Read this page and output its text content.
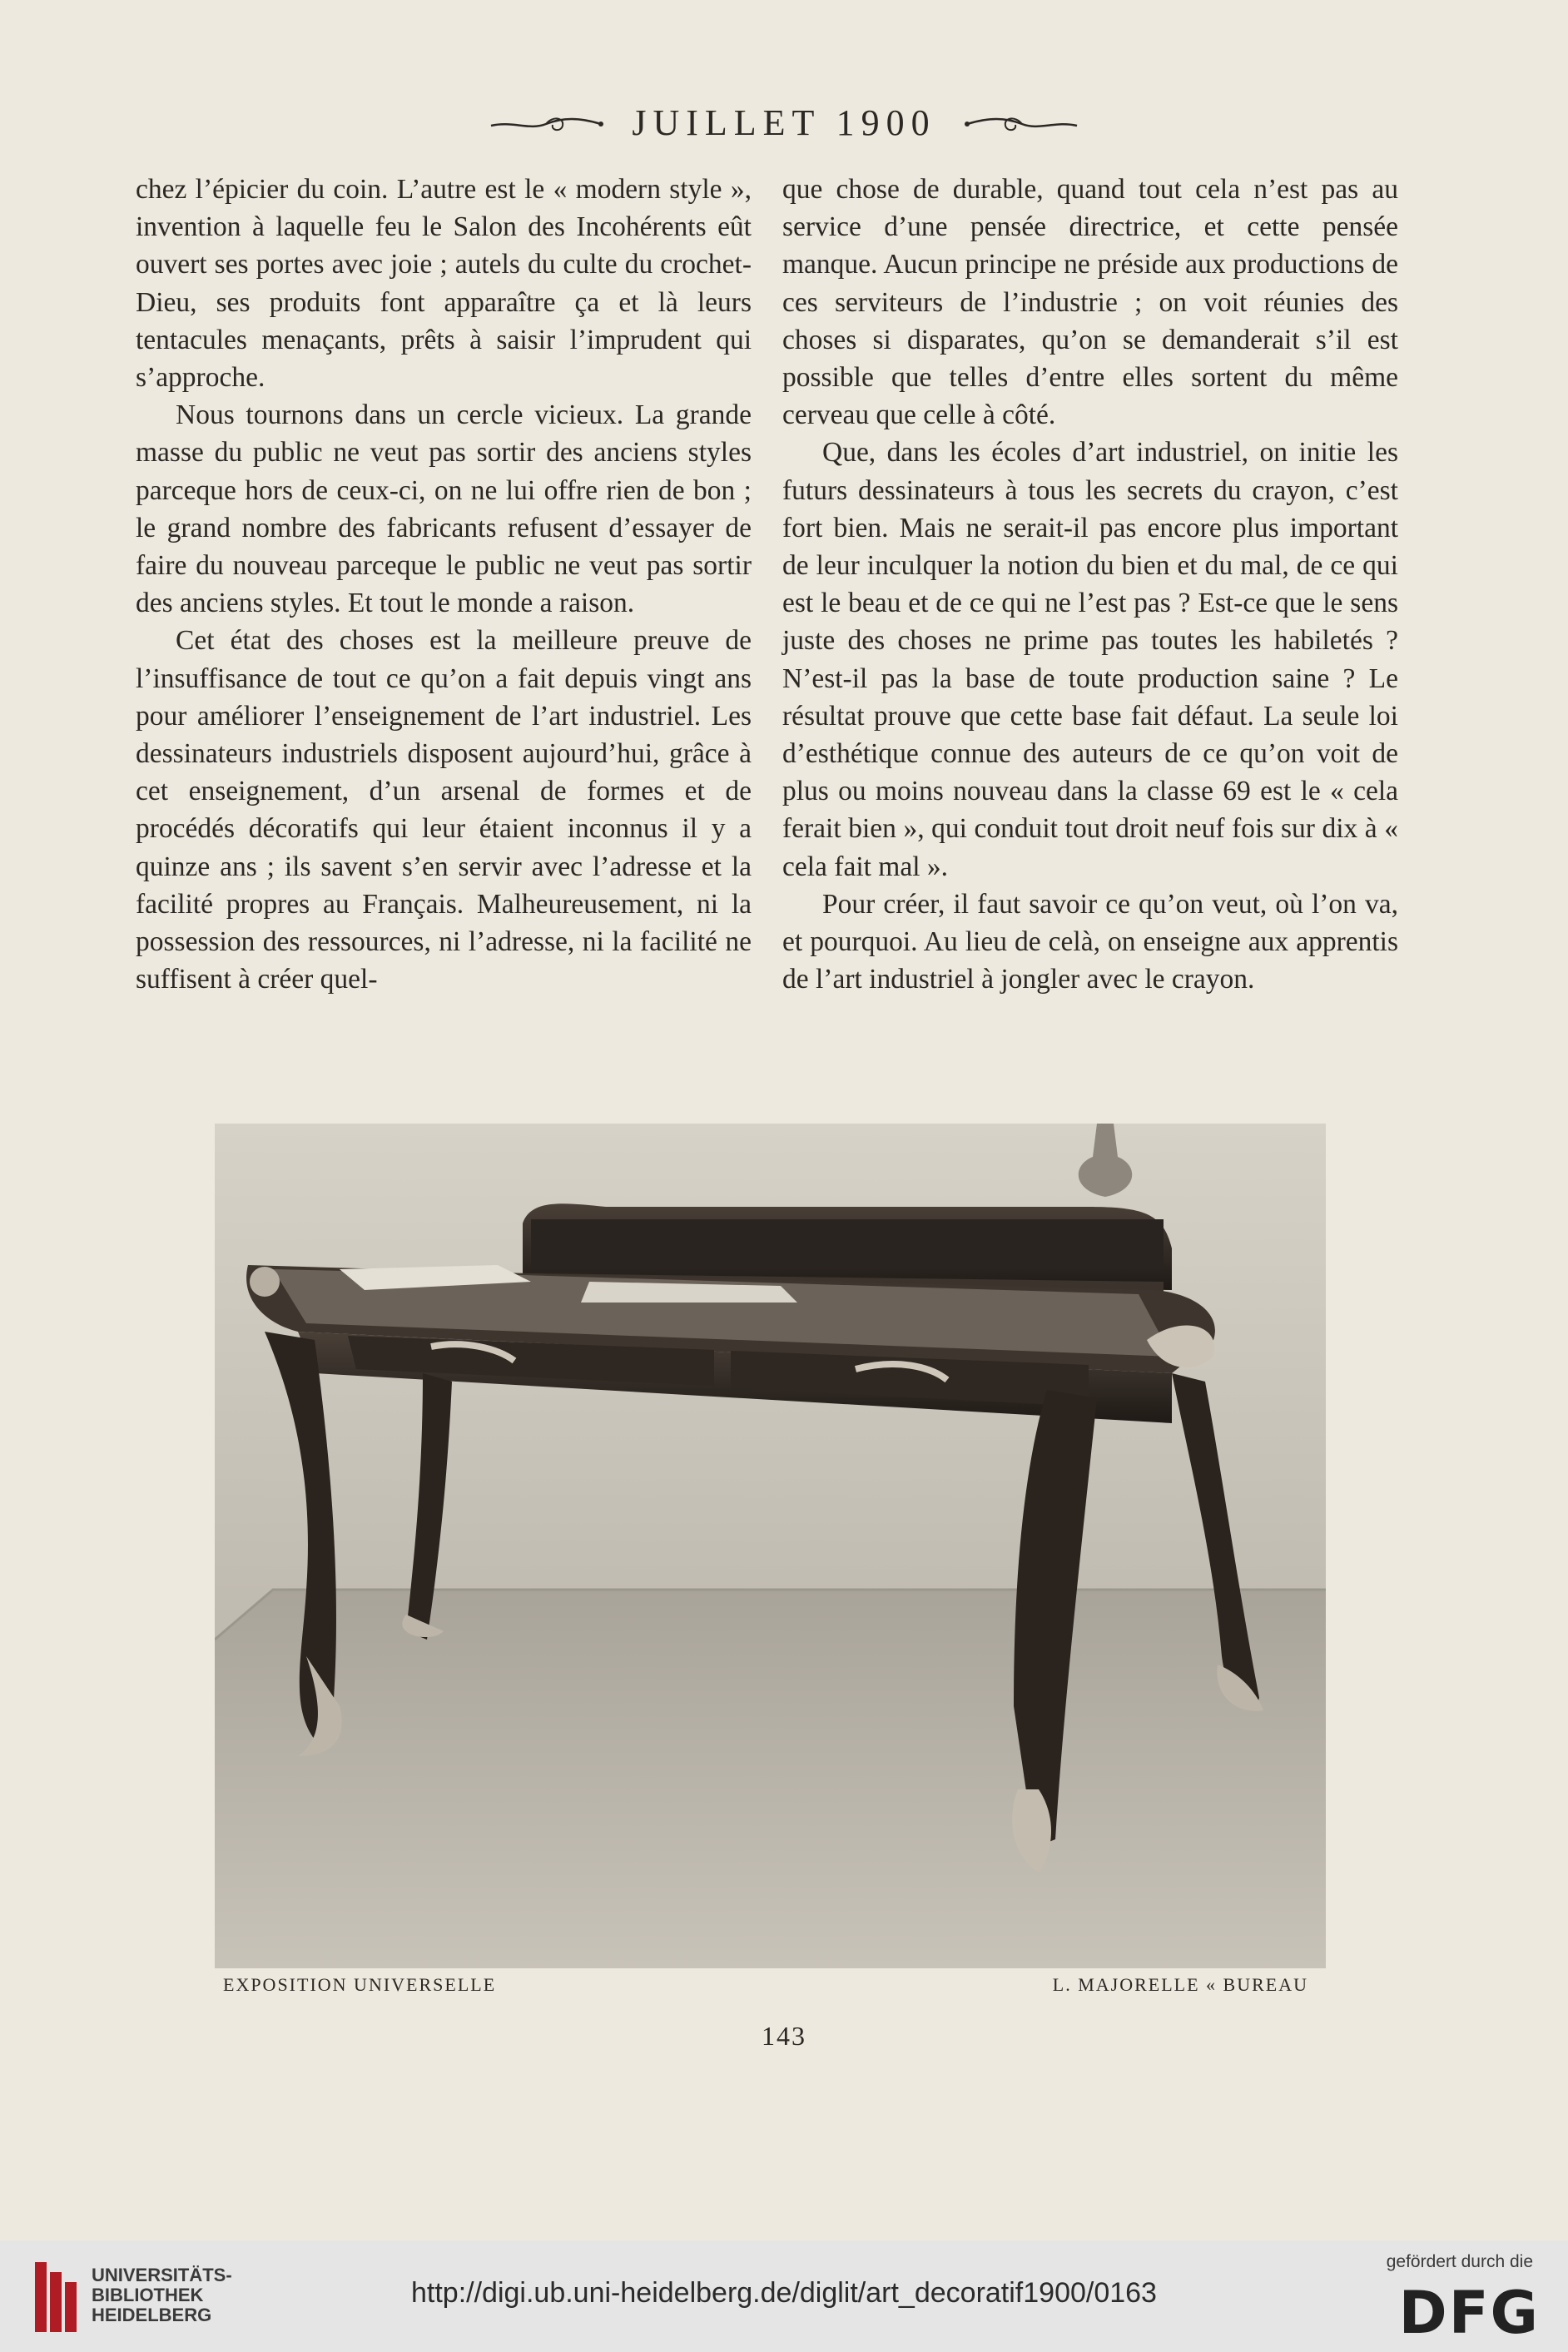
JUILLET 1900

chez l’épicier du coin. L’autre est le « modern style », invention à laquelle feu le Salon des Incohérents eût ouvert ses portes avec joie ; autels du culte du crochet-Dieu, ses produits font apparaître ça et là leurs tentacules menaçants, prêts à saisir l’imprudent qui s’approche.

Nous tournons dans un cercle vicieux. La grande masse du public ne veut pas sortir des anciens styles parceque hors de ceux-ci, on ne lui offre rien de bon ; le grand nombre des fabricants refusent d’essayer de faire du nouveau parceque le public ne veut pas sortir des anciens styles. Et tout le monde a raison.

Cet état des choses est la meilleure preuve de l’insuffisance de tout ce qu’on a fait depuis vingt ans pour améliorer l’enseignement de l’art industriel. Les dessinateurs industriels disposent aujourd’hui, grâce à cet enseignement, d’un arsenal de formes et de procédés décoratifs qui leur étaient inconnus il y a quinze ans ; ils savent s’en servir avec l’adresse et la facilité propres au Français. Malheureusement, ni la possession des ressources, ni l’adresse, ni la facilité ne suffisent à créer quel-

que chose de durable, quand tout cela n’est pas au service d’une pensée directrice, et cette pensée manque. Aucun principe ne préside aux productions de ces serviteurs de l’industrie ; on voit réunies des choses si disparates, qu’on se demanderait s’il est possible que telles d’entre elles sortent du même cerveau que celle à côté.

Que, dans les écoles d’art industriel, on initie les futurs dessinateurs à tous les secrets du crayon, c’est fort bien. Mais ne serait-il pas encore plus important de leur inculquer la notion du bien et du mal, de ce qui est le beau et de ce qui ne l’est pas ? Est-ce que le sens juste des choses ne prime pas toutes les habiletés ? N’est-il pas la base de toute production saine ? Le résultat prouve que cette base fait défaut. La seule loi d’esthétique connue des auteurs de ce qu’on voit de plus ou moins nouveau dans la classe 69 est le « cela ferait bien », qui conduit tout droit neuf fois sur dix à « cela fait mal ».

Pour créer, il faut savoir ce qu’on veut, où l’on va, et pourquoi. Au lieu de celà, on enseigne aux apprentis de l’art industriel à jongler avec le crayon.

EXPOSITION UNIVERSELLE	L. MAJORELLE « BUREAU
143
UNIVERSITÄTS-
BIBLIOTHEK
HEIDELBERG
http://digi.ub.uni-heidelberg.de/diglit/art_decoratif1900/0163
gefördert durch die
DFG
